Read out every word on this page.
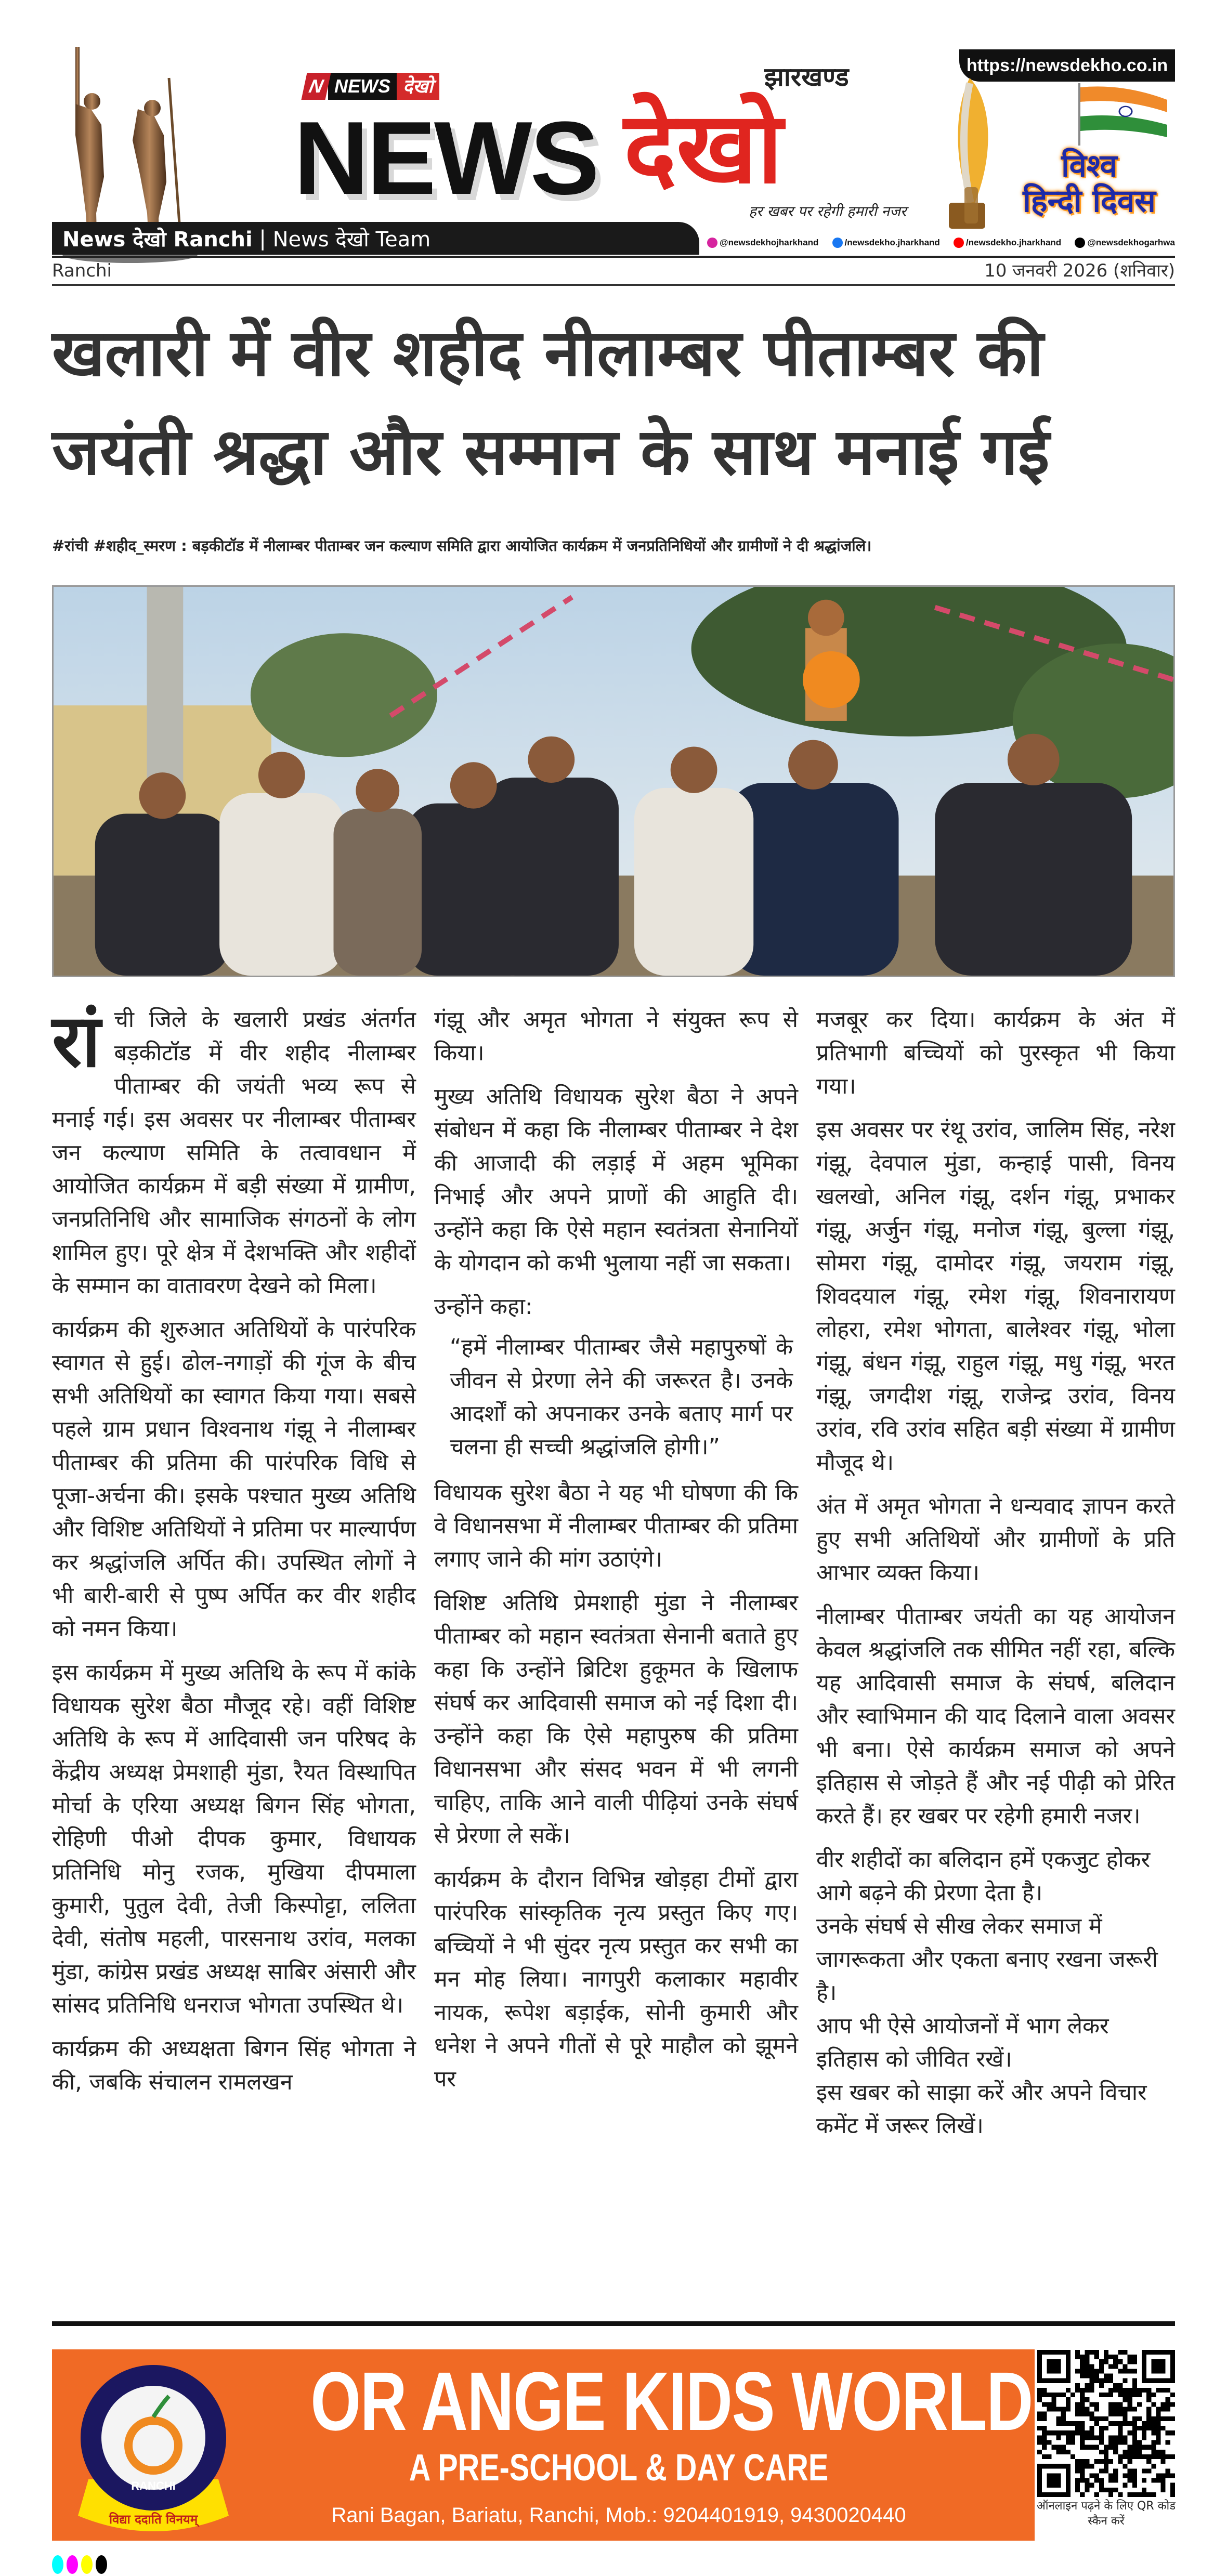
https://newsdekho.co.in
N NEWS देखो
NEWS
झारखण्ड
देखो
हर खबर पर रहेगी हमारी नजर
विश्व
हिन्दी दिवस
News देखो Ranchi | News देखो Team	@newsdekhojharkhand	/newsdekho.jharkhand	/newsdekho.jharkhand	@newsdekhogarhwa
Ranchi	10 जनवरी 2026 (शनिवार)
खलारी में वीर शहीद नीलाम्बर पीताम्बर की
जयंती श्रद्धा और सम्मान के साथ मनाई गई
#रांची #शहीद_स्मरण : बड़कीटॉड में नीलाम्बर पीताम्बर जन कल्याण समिति द्वारा आयोजित कार्यक्रम में जनप्रतिनिधियों और ग्रामीणों ने दी श्रद्धांजलि।

रांची जिले के खलारी प्रखंड अंतर्गत बड़कीटॉड में वीर शहीद नीलाम्बर पीताम्बर की जयंती भव्य रूप से मनाई गई। इस अवसर पर नीलाम्बर पीताम्बर जन कल्याण समिति के तत्वावधान में आयोजित कार्यक्रम में बड़ी संख्या में ग्रामीण, जनप्रतिनिधि और सामाजिक संगठनों के लोग शामिल हुए। पूरे क्षेत्र में देशभक्ति और शहीदों के सम्मान का वातावरण देखने को मिला।

कार्यक्रम की शुरुआत अतिथियों के पारंपरिक स्वागत से हुई। ढोल-नगाड़ों की गूंज के बीच सभी अतिथियों का स्वागत किया गया। सबसे पहले ग्राम प्रधान विश्वनाथ गंझू ने नीलाम्बर पीताम्बर की प्रतिमा की पारंपरिक विधि से पूजा-अर्चना की। इसके पश्चात मुख्य अतिथि और विशिष्ट अतिथियों ने प्रतिमा पर माल्यार्पण कर श्रद्धांजलि अर्पित की। उपस्थित लोगों ने भी बारी-बारी से पुष्प अर्पित कर वीर शहीद को नमन किया।

इस कार्यक्रम में मुख्य अतिथि के रूप में कांके विधायक सुरेश बैठा मौजूद रहे। वहीं विशिष्ट अतिथि के रूप में आदिवासी जन परिषद के केंद्रीय अध्यक्ष प्रेमशाही मुंडा, रैयत विस्थापित मोर्चा के एरिया अध्यक्ष बिगन सिंह भोगता, रोहिणी पीओ दीपक कुमार, विधायक प्रतिनिधि मोनु रजक, मुखिया दीपमाला कुमारी, पुतुल देवी, तेजी किस्पोट्टा, ललिता देवी, संतोष महली, पारसनाथ उरांव, मलका मुंडा, कांग्रेस प्रखंड अध्यक्ष साबिर अंसारी और सांसद प्रतिनिधि धनराज भोगता उपस्थित थे।

कार्यक्रम की अध्यक्षता बिगन सिंह भोगता ने की, जबकि संचालन रामलखन

गंझू और अमृत भोगता ने संयुक्त रूप से किया।

मुख्य अतिथि विधायक सुरेश बैठा ने अपने संबोधन में कहा कि नीलाम्बर पीताम्बर ने देश की आजादी की लड़ाई में अहम भूमिका निभाई और अपने प्राणों की आहुति दी। उन्होंने कहा कि ऐसे महान स्वतंत्रता सेनानियों के योगदान को कभी भुलाया नहीं जा सकता।

उन्होंने कहा:

“हमें नीलाम्बर पीताम्बर जैसे महापुरुषों के जीवन से प्रेरणा लेने की जरूरत है। उनके आदर्शों को अपनाकर उनके बताए मार्ग पर चलना ही सच्ची श्रद्धांजलि होगी।”

विधायक सुरेश बैठा ने यह भी घोषणा की कि वे विधानसभा में नीलाम्बर पीताम्बर की प्रतिमा लगाए जाने की मांग उठाएंगे।

विशिष्ट अतिथि प्रेमशाही मुंडा ने नीलाम्बर पीताम्बर को महान स्वतंत्रता सेनानी बताते हुए कहा कि उन्होंने ब्रिटिश हुकूमत के खिलाफ संघर्ष कर आदिवासी समाज को नई दिशा दी। उन्होंने कहा कि ऐसे महापुरुष की प्रतिमा विधानसभा और संसद भवन में भी लगनी चाहिए, ताकि आने वाली पीढ़ियां उनके संघर्ष से प्रेरणा ले सकें।

कार्यक्रम के दौरान विभिन्न खोड़हा टीमों द्वारा पारंपरिक सांस्कृतिक नृत्य प्रस्तुत किए गए। बच्चियों ने भी सुंदर नृत्य प्रस्तुत कर सभी का मन मोह लिया। नागपुरी कलाकार महावीर नायक, रूपेश बड़ाईक, सोनी कुमारी और धनेश ने अपने गीतों से पूरे माहौल को झूमने पर

मजबूर कर दिया। कार्यक्रम के अंत में प्रतिभागी बच्चियों को पुरस्कृत भी किया गया।

इस अवसर पर रंथू उरांव, जालिम सिंह, नरेश गंझू, देवपाल मुंडा, कन्हाई पासी, विनय खलखो, अनिल गंझू, दर्शन गंझू, प्रभाकर गंझू, अर्जुन गंझू, मनोज गंझू, बुल्ला गंझू, सोमरा गंझू, दामोदर गंझू, जयराम गंझू, शिवदयाल गंझू, रमेश गंझू, शिवनारायण लोहरा, रमेश भोगता, बालेश्वर गंझू, भोला गंझू, बंधन गंझू, राहुल गंझू, मधु गंझू, भरत गंझू, जगदीश गंझू, राजेन्द्र उरांव, विनय उरांव, रवि उरांव सहित बड़ी संख्या में ग्रामीण मौजूद थे।

अंत में अमृत भोगता ने धन्यवाद ज्ञापन करते हुए सभी अतिथियों और ग्रामीणों के प्रति आभार व्यक्त किया।

नीलाम्बर पीताम्बर जयंती का यह आयोजन केवल श्रद्धांजलि तक सीमित नहीं रहा, बल्कि यह आदिवासी समाज के संघर्ष, बलिदान और स्वाभिमान की याद दिलाने वाला अवसर भी बना। ऐसे कार्यक्रम समाज को अपने इतिहास से जोड़ते हैं और नई पीढ़ी को प्रेरित करते हैं। हर खबर पर रहेगी हमारी नजर।

वीर शहीदों का बलिदान हमें एकजुट होकर आगे बढ़ने की प्रेरणा देता है।

उनके संघर्ष से सीख लेकर समाज में जागरूकता और एकता बनाए रखना जरूरी है।

आप भी ऐसे आयोजनों में भाग लेकर इतिहास को जीवित रखें।

इस खबर को साझा करें और अपने विचार कमेंट में जरूर लिखें।

RANCHI
विद्या ददाति विनयम्
OR ANGE KIDS WORLD
A PRE-SCHOOL & DAY CARE
Rani Bagan, Bariatu, Ranchi, Mob.: 9204401919, 9430020440	ऑनलाइन पढ़ने के लिए QR कोड स्कैन करें
